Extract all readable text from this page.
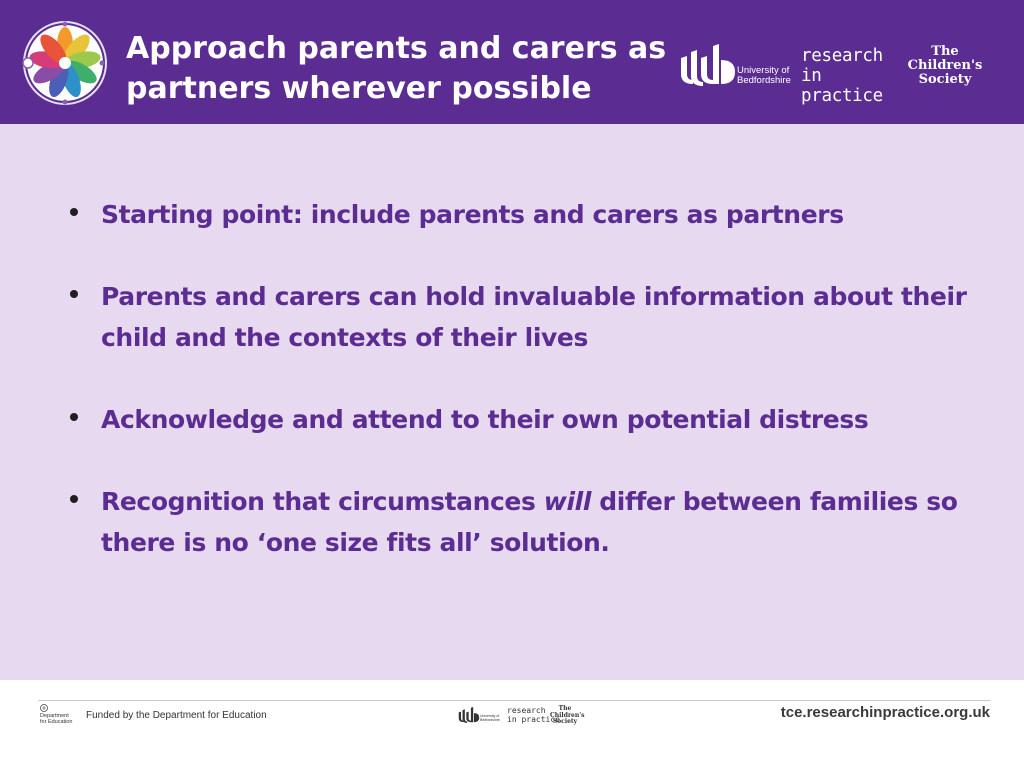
Approach parents and carers as
partners wherever possible
University of
Bedfordshire
research
in practice
The
Children's
Society
Starting point: include parents and carers as partners
Parents and carers can hold invaluable information about their child and the contexts of their lives
Acknowledge and attend to their own potential distress
Recognition that circumstances will differ between families so there is no ‘one size fits all’ solution.
Department
for Education
Funded by the Department for Education	University of
Bedfordshire
research
in practice
The
Children's
Society
tce.researchinpractice.org.uk
